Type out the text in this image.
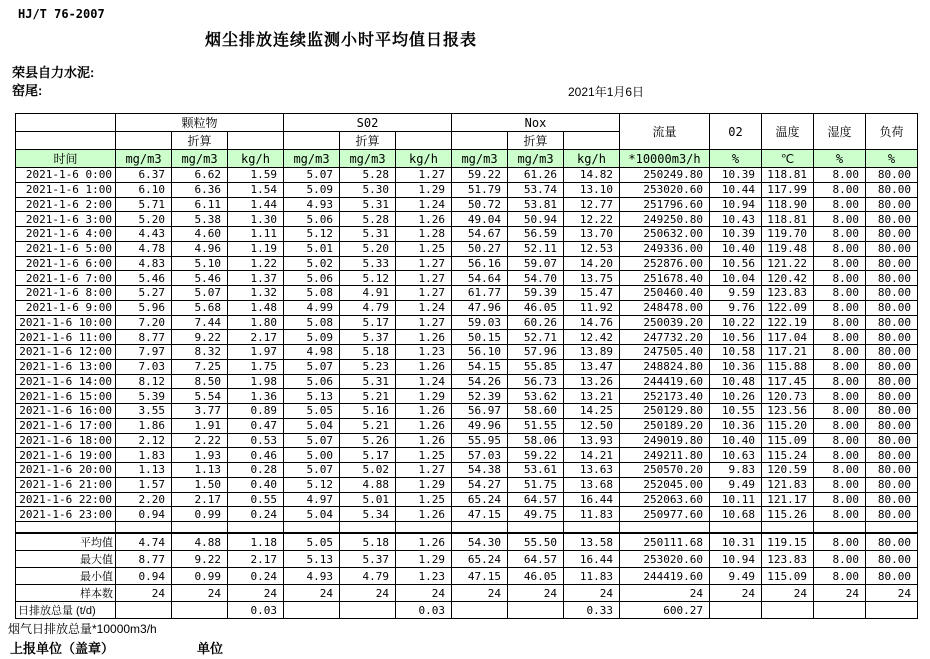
HJ/T 76-2007
烟尘排放连续监测小时平均值日报表
荣县自力水泥:
窑尾:	2021年1月6日
	颗粒物			S02			Nox			流量	02	温度	湿度	负荷
		折算			折算			折算						
时间	mg/m3	mg/m3	kg/h	mg/m3	mg/m3	kg/h	mg/m3	mg/m3	kg/h	*10000m3/h	%	℃	%	%
2021-1-6 0:00	6.37	6.62	1.59	5.07	5.28	1.27	59.22	61.26	14.82	250249.80	10.39	118.81	8.00	80.00
2021-1-6 1:00	6.10	6.36	1.54	5.09	5.30	1.29	51.79	53.74	13.10	253020.60	10.44	117.99	8.00	80.00
2021-1-6 2:00	5.71	6.11	1.44	4.93	5.31	1.24	50.72	53.81	12.77	251796.60	10.94	118.90	8.00	80.00
2021-1-6 3:00	5.20	5.38	1.30	5.06	5.28	1.26	49.04	50.94	12.22	249250.80	10.43	118.81	8.00	80.00
2021-1-6 4:00	4.43	4.60	1.11	5.12	5.31	1.28	54.67	56.59	13.70	250632.00	10.39	119.70	8.00	80.00
2021-1-6 5:00	4.78	4.96	1.19	5.01	5.20	1.25	50.27	52.11	12.53	249336.00	10.40	119.48	8.00	80.00
2021-1-6 6:00	4.83	5.10	1.22	5.02	5.33	1.27	56.16	59.07	14.20	252876.00	10.56	121.22	8.00	80.00
2021-1-6 7:00	5.46	5.46	1.37	5.06	5.12	1.27	54.64	54.70	13.75	251678.40	10.04	120.42	8.00	80.00
2021-1-6 8:00	5.27	5.07	1.32	5.08	4.91	1.27	61.77	59.39	15.47	250460.40	9.59	123.83	8.00	80.00
2021-1-6 9:00	5.96	5.68	1.48	4.99	4.79	1.24	47.96	46.05	11.92	248478.00	9.76	122.09	8.00	80.00
2021-1-6 10:00	7.20	7.44	1.80	5.08	5.17	1.27	59.03	60.26	14.76	250039.20	10.22	122.19	8.00	80.00
2021-1-6 11:00	8.77	9.22	2.17	5.09	5.37	1.26	50.15	52.71	12.42	247732.20	10.56	117.04	8.00	80.00
2021-1-6 12:00	7.97	8.32	1.97	4.98	5.18	1.23	56.10	57.96	13.89	247505.40	10.58	117.21	8.00	80.00
2021-1-6 13:00	7.03	7.25	1.75	5.07	5.23	1.26	54.15	55.85	13.47	248824.80	10.36	115.88	8.00	80.00
2021-1-6 14:00	8.12	8.50	1.98	5.06	5.31	1.24	54.26	56.73	13.26	244419.60	10.48	117.45	8.00	80.00
2021-1-6 15:00	5.39	5.54	1.36	5.13	5.21	1.29	52.39	53.62	13.21	252173.40	10.26	120.73	8.00	80.00
2021-1-6 16:00	3.55	3.77	0.89	5.05	5.16	1.26	56.97	58.60	14.25	250129.80	10.55	123.56	8.00	80.00
2021-1-6 17:00	1.86	1.91	0.47	5.04	5.21	1.26	49.96	51.55	12.50	250189.20	10.36	115.20	8.00	80.00
2021-1-6 18:00	2.12	2.22	0.53	5.07	5.26	1.26	55.95	58.06	13.93	249019.80	10.40	115.09	8.00	80.00
2021-1-6 19:00	1.83	1.93	0.46	5.00	5.17	1.25	57.03	59.22	14.21	249211.80	10.63	115.24	8.00	80.00
2021-1-6 20:00	1.13	1.13	0.28	5.07	5.02	1.27	54.38	53.61	13.63	250570.20	9.83	120.59	8.00	80.00
2021-1-6 21:00	1.57	1.50	0.40	5.12	4.88	1.29	54.27	51.75	13.68	252045.00	9.49	121.83	8.00	80.00
2021-1-6 22:00	2.20	2.17	0.55	4.97	5.01	1.25	65.24	64.57	16.44	252063.60	10.11	121.17	8.00	80.00
2021-1-6 23:00	0.94	0.99	0.24	5.04	5.34	1.26	47.15	49.75	11.83	250977.60	10.68	115.26	8.00	80.00

平均值	4.74	4.88	1.18	5.05	5.18	1.26	54.30	55.50	13.58	250111.68	10.31	119.15	8.00	80.00
最大值	8.77	9.22	2.17	5.13	5.37	1.29	65.24	64.57	16.44	253020.60	10.94	123.83	8.00	80.00
最小值	0.94	0.99	0.24	4.93	4.79	1.23	47.15	46.05	11.83	244419.60	9.49	115.09	8.00	80.00
样本数	24	24	24	24	24	24	24	24	24	24	24	24	24	24
日排放总量 (t/d)			0.03			0.03			0.33	600.27				
烟气日排放总量*10000m3/h
上报单位（盖章）	单位
